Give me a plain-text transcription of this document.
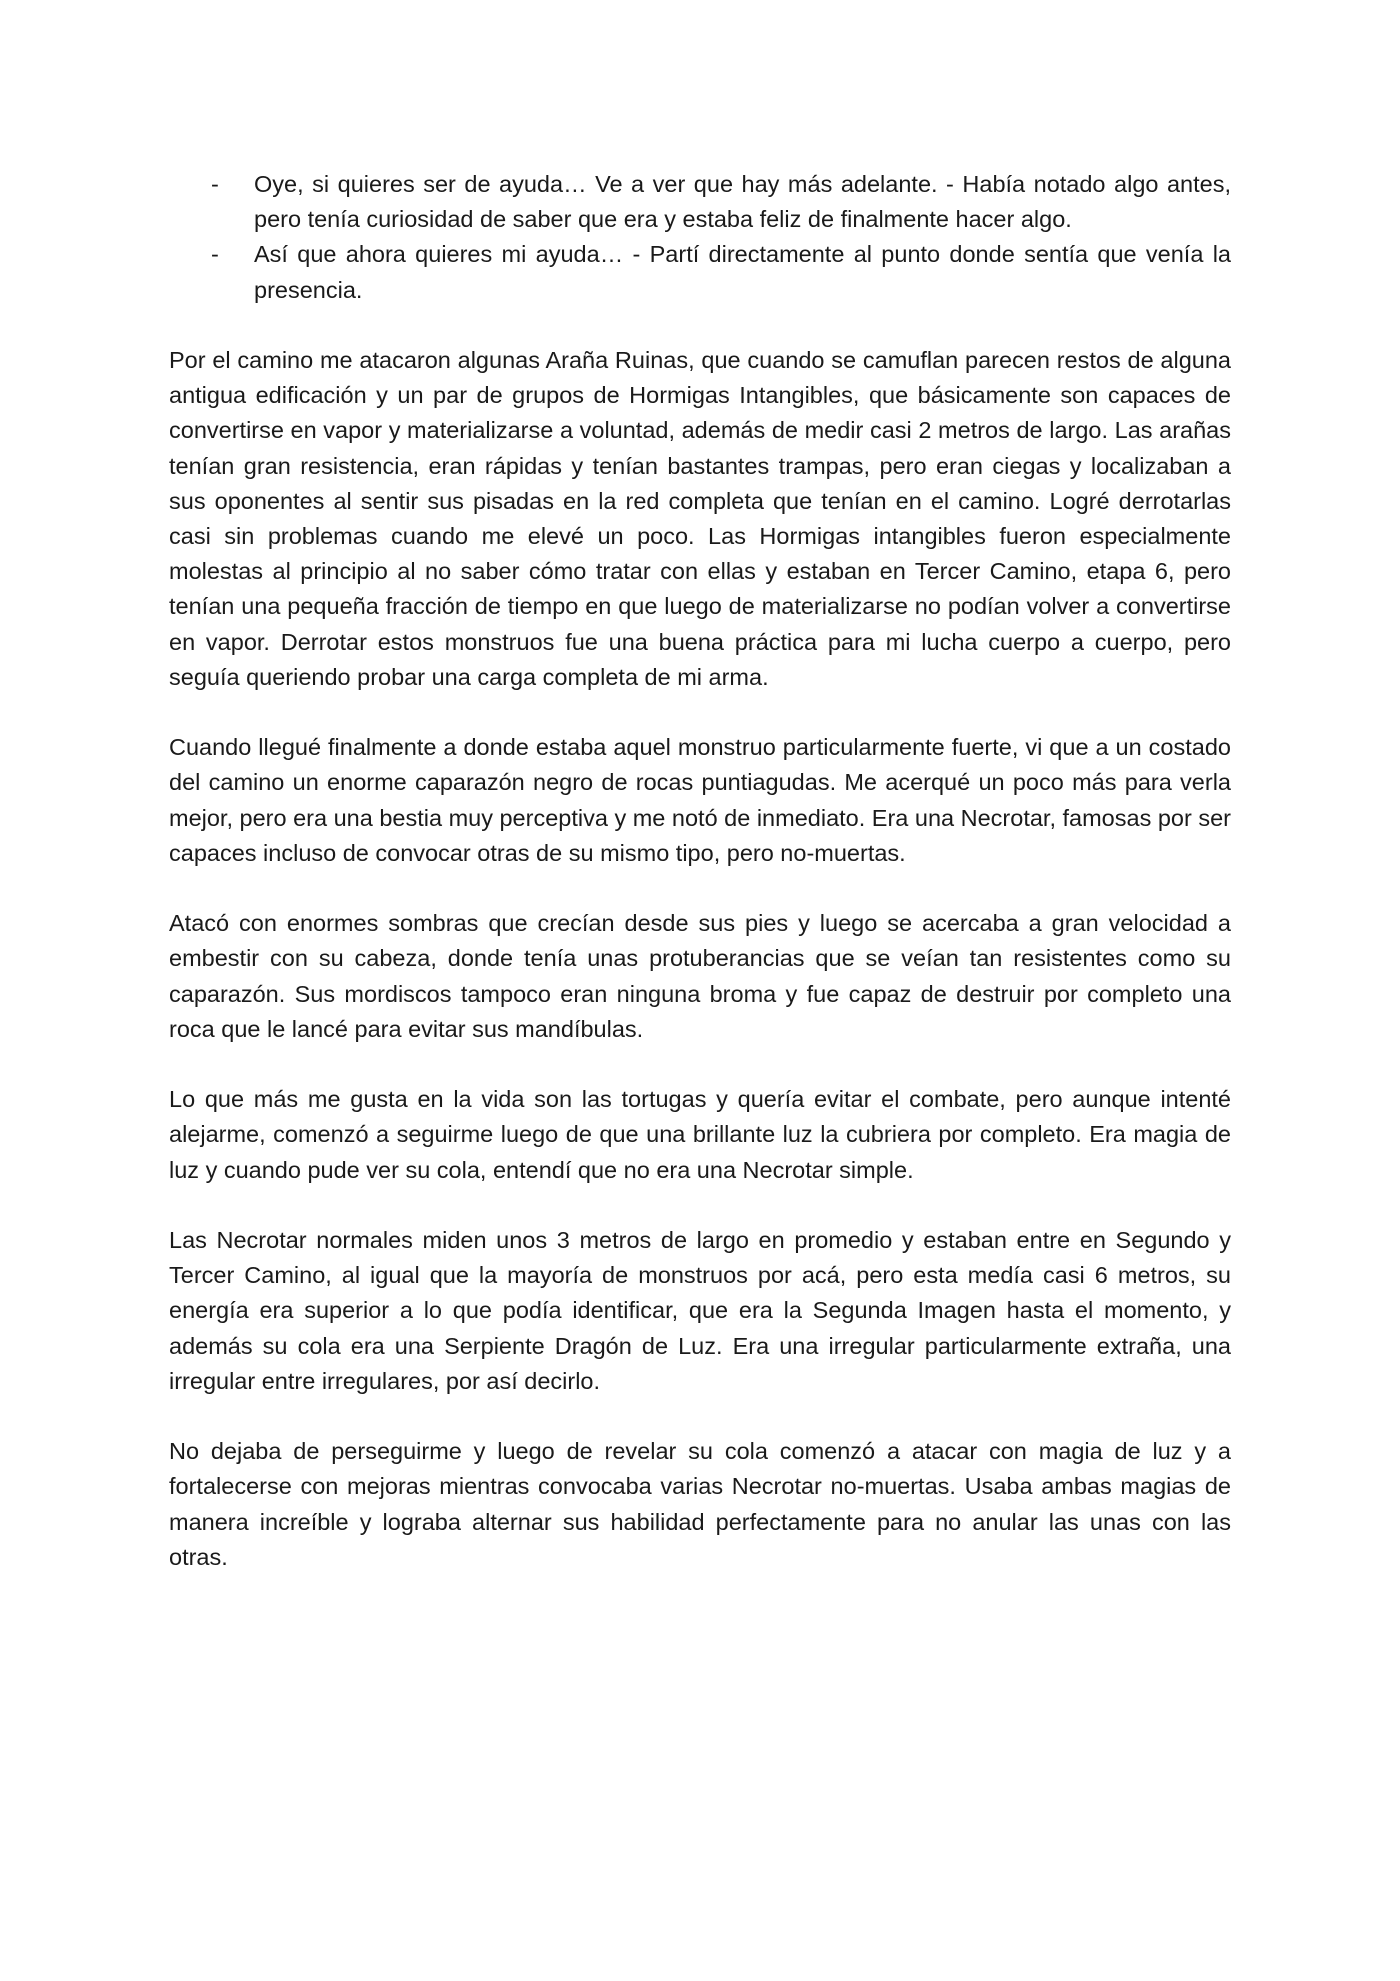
- Oye, si quieres ser de ayuda… Ve a ver que hay más adelante. - Había notado algo antes, pero tenía curiosidad de saber que era y estaba feliz de finalmente hacer algo.
- Así que ahora quieres mi ayuda… - Partí directamente al punto donde sentía que venía la presencia.

Por el camino me atacaron algunas Araña Ruinas, que cuando se camuflan parecen restos de alguna antigua edificación y un par de grupos de Hormigas Intangibles, que básicamente son capaces de convertirse en vapor y materializarse a voluntad, además de medir casi 2 metros de largo. Las arañas tenían gran resistencia, eran rápidas y tenían bastantes trampas, pero eran ciegas y localizaban a sus oponentes al sentir sus pisadas en la red completa que tenían en el camino. Logré derrotarlas casi sin problemas cuando me elevé un poco. Las Hormigas intangibles fueron especialmente molestas al principio al no saber cómo tratar con ellas y estaban en Tercer Camino, etapa 6, pero tenían una pequeña fracción de tiempo en que luego de materializarse no podían volver a convertirse en vapor. Derrotar estos monstruos fue una buena práctica para mi lucha cuerpo a cuerpo, pero seguía queriendo probar una carga completa de mi arma.

Cuando llegué finalmente a donde estaba aquel monstruo particularmente fuerte, vi que a un costado del camino un enorme caparazón negro de rocas puntiagudas. Me acerqué un poco más para verla mejor, pero era una bestia muy perceptiva y me notó de inmediato. Era una Necrotar, famosas por ser capaces incluso de convocar otras de su mismo tipo, pero no-muertas.

Atacó con enormes sombras que crecían desde sus pies y luego se acercaba a gran velocidad a embestir con su cabeza, donde tenía unas protuberancias que se veían tan resistentes como su caparazón. Sus mordiscos tampoco eran ninguna broma y fue capaz de destruir por completo una roca que le lancé para evitar sus mandíbulas.

Lo que más me gusta en la vida son las tortugas y quería evitar el combate, pero aunque intenté alejarme, comenzó a seguirme luego de que una brillante luz la cubriera por completo. Era magia de luz y cuando pude ver su cola, entendí que no era una Necrotar simple.

Las Necrotar normales miden unos 3 metros de largo en promedio y estaban entre en Segundo y Tercer Camino, al igual que la mayoría de monstruos por acá, pero esta medía casi 6 metros, su energía era superior a lo que podía identificar, que era la Segunda Imagen hasta el momento, y además su cola era una Serpiente Dragón de Luz. Era una irregular particularmente extraña, una irregular entre irregulares, por así decirlo.

No dejaba de perseguirme y luego de revelar su cola comenzó a atacar con magia de luz y a fortalecerse con mejoras mientras convocaba varias Necrotar no-muertas. Usaba ambas magias de manera increíble y lograba alternar sus habilidad perfectamente para no anular las unas con las otras.
